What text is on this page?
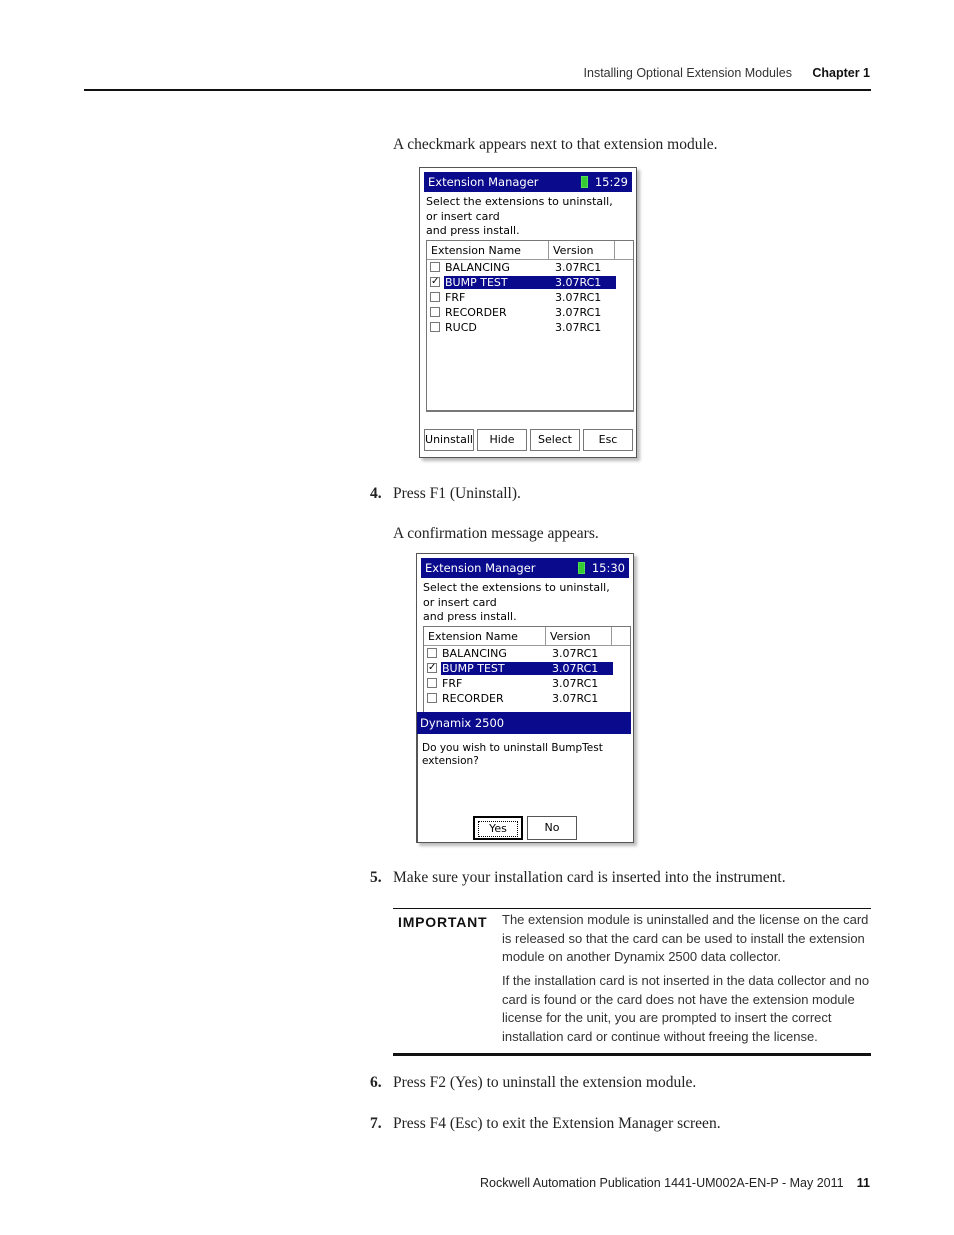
Installing Optional Extension Modules Chapter 1
A checkmark appears next to that extension module.
Extension Manager	15:29
Select the extensions to uninstall,
or insert card
and press install.
Extension Name	Version
BALANCING	3.07RC1
✓ BUMP TEST	3.07RC1
FRF	3.07RC1
RECORDER	3.07RC1
RUCD	3.07RC1
Uninstall	Hide	Select	Esc
4. Press F1 (Uninstall).
A confirmation message appears.
Extension Manager	15:30
Select the extensions to uninstall,
or insert card
and press install.
Extension Name	Version
BALANCING	3.07RC1
✓ BUMP TEST	3.07RC1
FRF	3.07RC1
RECORDER	3.07RC1
Dynamix 2500
Do you wish to uninstall BumpTest extension?
Yes	No
5. Make sure your installation card is inserted into the instrument.
IMPORTANT The extension module is uninstalled and the license on the card is released so that the card can be used to install the extension module on another Dynamix 2500 data collector.
If the installation card is not inserted in the data collector and no card is found or the card does not have the extension module license for the unit, you are prompted to insert the correct installation card or continue without freeing the license.
6. Press F2 (Yes) to uninstall the extension module.
7. Press F4 (Esc) to exit the Extension Manager screen.
Rockwell Automation Publication 1441-UM002A-EN-P - May 2011 11
